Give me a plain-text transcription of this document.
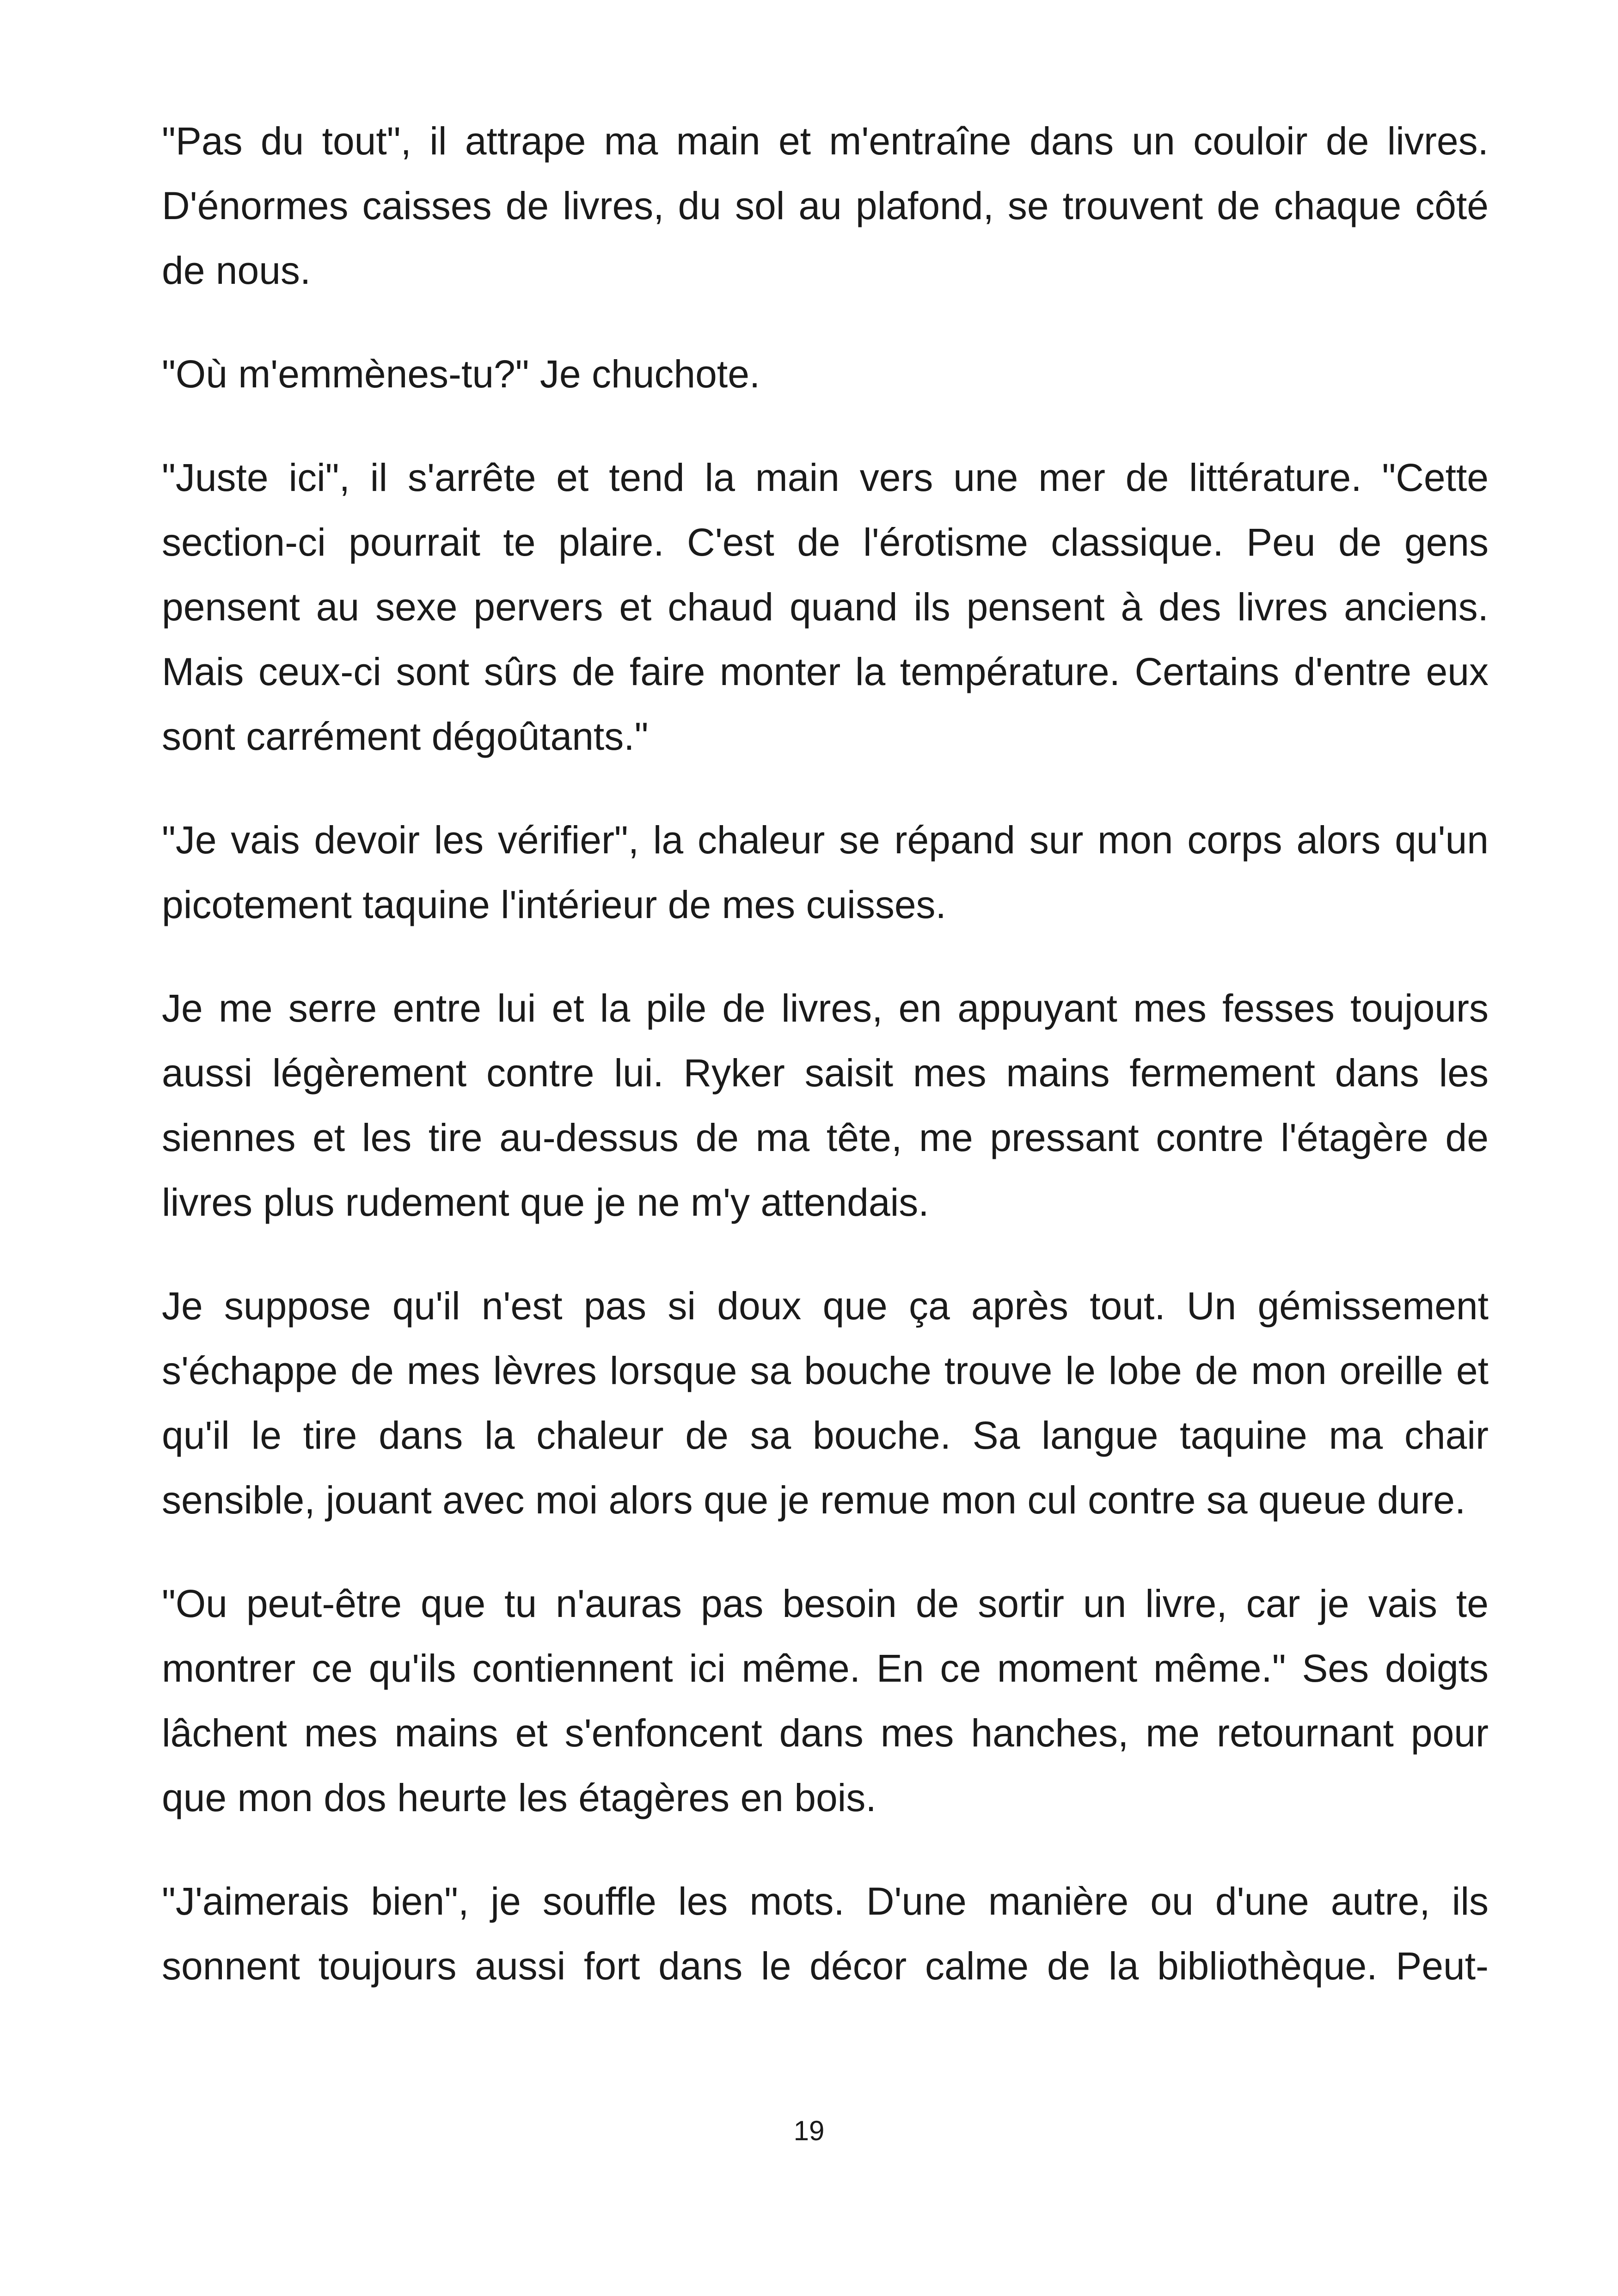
"Pas du tout", il attrape ma main et m'entraîne dans un couloir de livres. D'énormes caisses de livres, du sol au plafond, se trouvent de chaque côté de nous.

"Où m'emmènes-tu?" Je chuchote.

"Juste ici", il s'arrête et tend la main vers une mer de littérature. "Cette section-ci pourrait te plaire. C'est de l'érotisme classique. Peu de gens pensent au sexe pervers et chaud quand ils pensent à des livres anciens. Mais ceux-ci sont sûrs de faire monter la température. Certains d'entre eux sont carrément dégoûtants."

"Je vais devoir les vérifier", la chaleur se répand sur mon corps alors qu'un picotement taquine l'intérieur de mes cuisses.

Je me serre entre lui et la pile de livres, en appuyant mes fesses toujours aussi légèrement contre lui. Ryker saisit mes mains fermement dans les siennes et les tire au-dessus de ma tête, me pressant contre l'étagère de livres plus rudement que je ne m'y attendais.

Je suppose qu'il n'est pas si doux que ça après tout. Un gémissement s'échappe de mes lèvres lorsque sa bouche trouve le lobe de mon oreille et qu'il le tire dans la chaleur de sa bouche. Sa langue taquine ma chair sensible, jouant avec moi alors que je remue mon cul contre sa queue dure.

"Ou peut-être que tu n'auras pas besoin de sortir un livre, car je vais te montrer ce qu'ils contiennent ici même. En ce moment même." Ses doigts lâchent mes mains et s'enfoncent dans mes hanches, me retournant pour que mon dos heurte les étagères en bois.

"J'aimerais bien", je souffle les mots. D'une manière ou d'une autre, ils sonnent toujours aussi fort dans le décor calme de la bibliothèque. Peut-

19
